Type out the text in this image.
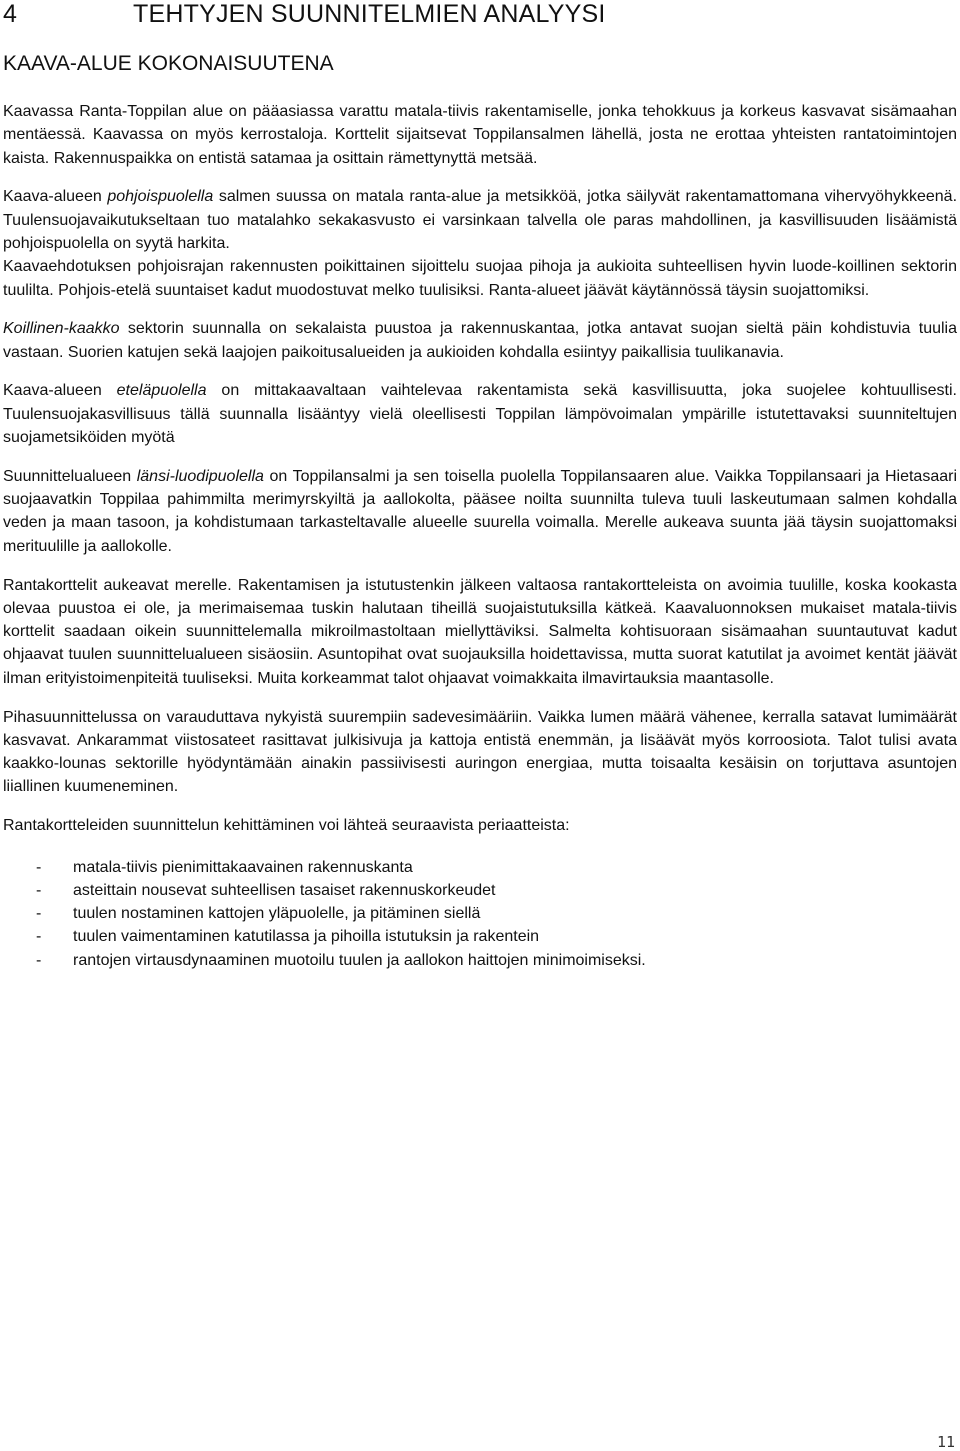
4	TEHTYJEN SUUNNITELMIEN ANALYYSI
KAAVA-ALUE KOKONAISUUTENA

Kaavassa Ranta-Toppilan alue on pääasiassa varattu matala-tiivis rakentamiselle, jonka tehokkuus ja korkeus kasvavat sisämaahan mentäessä. Kaavassa on myös kerrostaloja. Korttelit sijaitsevat Toppilansalmen lähellä, josta ne erottaa yhteisten rantatoimintojen kaista. Rakennuspaikka on entistä satamaa ja osittain rämettynyttä metsää.

Kaava-alueen pohjoispuolella salmen suussa on matala ranta-alue ja metsikköä, jotka säilyvät rakentamattomana vihervyöhykkeenä. Tuulensuojavaikutukseltaan tuo matalahko sekakasvusto ei varsinkaan talvella ole paras mahdollinen, ja kasvillisuuden lisäämistä pohjoispuolella on syytä harkita.

Kaavaehdotuksen pohjoisrajan rakennusten poikittainen sijoittelu suojaa pihoja ja aukioita suhteellisen hyvin luode-koillinen sektorin tuulilta. Pohjois-etelä suuntaiset kadut muodostuvat melko tuulisiksi. Ranta-alueet jäävät käytännössä täysin suojattomiksi.

Koillinen-kaakko sektorin suunnalla on sekalaista puustoa ja rakennuskantaa, jotka antavat suojan sieltä päin kohdistuvia tuulia vastaan. Suorien katujen sekä laajojen paikoitusalueiden ja aukioiden kohdalla esiintyy paikallisia tuulikanavia.

Kaava-alueen eteläpuolella on mittakaavaltaan vaihtelevaa rakentamista sekä kasvillisuutta, joka suojelee kohtuullisesti. Tuulensuojakasvillisuus tällä suunnalla lisääntyy vielä oleellisesti Toppilan lämpövoimalan ympärille istutettavaksi suunniteltujen suojametsiköiden myötä

Suunnittelualueen länsi-luodipuolella on Toppilansalmi ja sen toisella puolella Toppilansaaren alue. Vaikka Toppilansaari ja Hietasaari suojaavatkin Toppilaa pahimmilta merimyrskyiltä ja aallokolta, pääsee noilta suunnilta tuleva tuuli laskeutumaan salmen kohdalla veden ja maan tasoon, ja kohdistumaan tarkasteltavalle alueelle suurella voimalla. Merelle aukeava suunta jää täysin suojattomaksi merituulille ja aallokolle.

Rantakorttelit aukeavat merelle. Rakentamisen ja istutustenkin jälkeen valtaosa rantakortteleista on avoimia tuulille, koska kookasta olevaa puustoa ei ole, ja merimaisemaa tuskin halutaan tiheillä suojaistutuksilla kätkeä. Kaavaluonnoksen mukaiset matala-tiivis korttelit saadaan oikein suunnittelemalla mikroilmastoltaan miellyttäviksi. Salmelta kohtisuoraan sisämaahan suuntautuvat kadut ohjaavat tuulen suunnittelualueen sisäosiin. Asuntopihat ovat suojauksilla hoidettavissa, mutta suorat katutilat ja avoimet kentät jäävät ilman erityistoimenpiteitä tuuliseksi. Muita korkeammat talot ohjaavat voimakkaita ilmavirtauksia maantasolle.

Pihasuunnittelussa on varauduttava nykyistä suurempiin sadevesimääriin. Vaikka lumen määrä vähenee, kerralla satavat lumimäärät kasvavat. Ankarammat viistosateet rasittavat julkisivuja ja kattoja entistä enemmän, ja lisäävät myös korroosiota. Talot tulisi avata kaakko-lounas sektorille hyödyntämään ainakin passiivisesti auringon energiaa, mutta toisaalta kesäisin on torjuttava asuntojen liiallinen kuumeneminen.

Rantakortteleiden suunnittelun kehittäminen voi lähteä seuraavista periaatteista:

- matala-tiivis pienimittakaavainen rakennuskanta
- asteittain nousevat suhteellisen tasaiset rakennuskorkeudet
- tuulen nostaminen kattojen yläpuolelle, ja pitäminen siellä
- tuulen vaimentaminen katutilassa ja pihoilla istutuksin ja rakentein
- rantojen virtausdynaaminen muotoilu tuulen ja aallokon haittojen minimoimiseksi.
11
